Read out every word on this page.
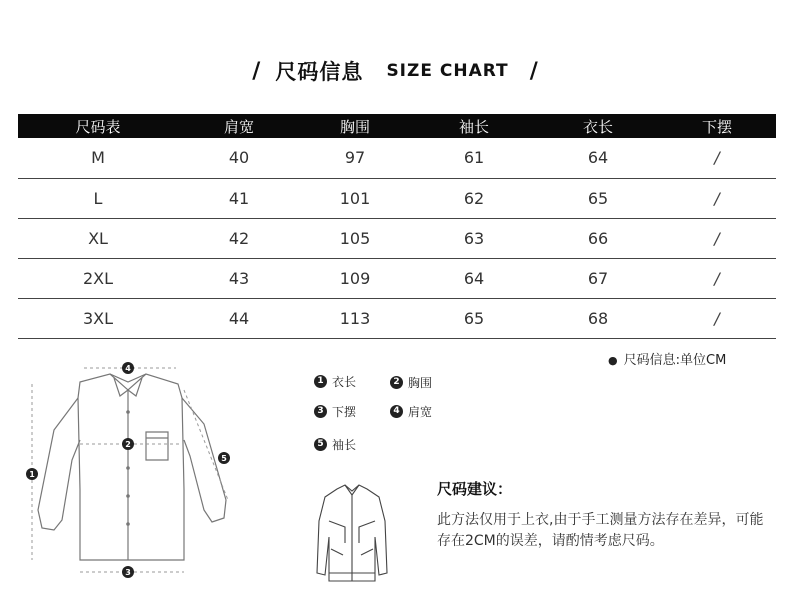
/ 尺码信息 SIZE CHART /
尺码表	肩宽	胸围	袖长	衣长	下摆
M	40	97	61	64	/
L	41	101	62	65	/
XL	42	105	63	66	/
2XL	43	109	64	67	/
3XL	44	113	65	68	/
● 尺码信息:单位CM
4
2
3
1
5
1 衣长	2 胸围
3 下摆	4 肩宽
5 袖长
尺码建议：
此方法仅用于上衣,由于手工测量方法存在差异，可能存在2CM的误差，请酌情考虑尺码。
